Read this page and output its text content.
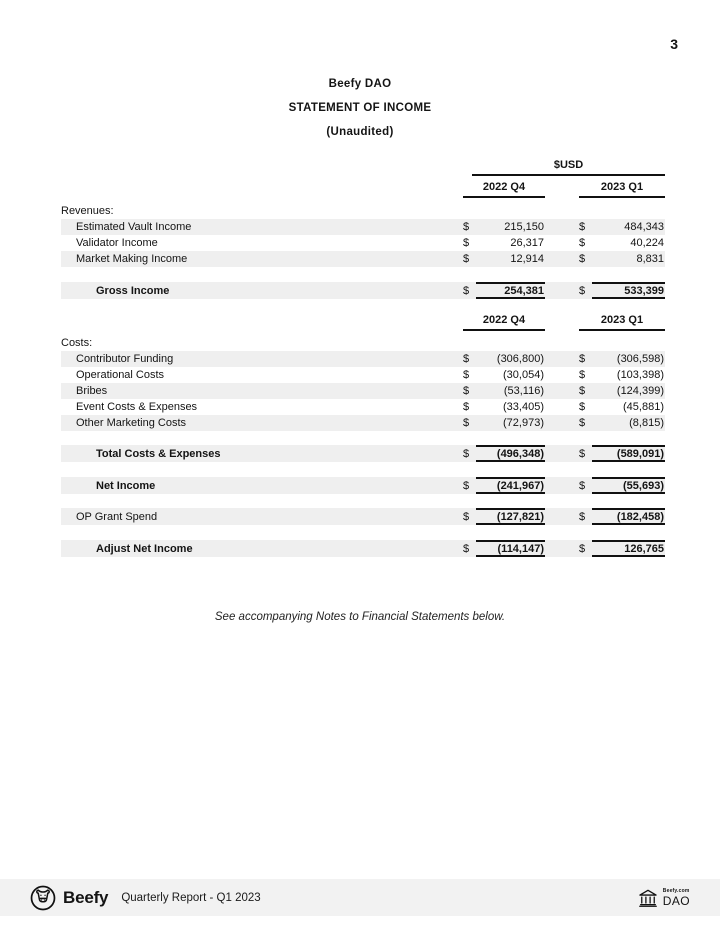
3
Beefy DAO
STATEMENT OF INCOME
(Unaudited)
$USD
2022 Q4	2023 Q1
Revenues:
Estimated Vault Income	$	215,150	$	484,343
Validator Income	$	26,317	$	40,224
Market Making Income	$	12,914	$	8,831
Gross Income	$	254,381	$	533,399
2022 Q4	2023 Q1
Costs:
Contributor Funding	$	(306,800)	$	(306,598)
Operational Costs	$	(30,054)	$	(103,398)
Bribes	$	(53,116)	$	(124,399)
Event Costs & Expenses	$	(33,405)	$	(45,881)
Other Marketing Costs	$	(72,973)	$	(8,815)
Total Costs & Expenses	$	(496,348)	$	(589,091)
Net Income	$	(241,967)	$	(55,693)
OP Grant Spend	$	(127,821)	$	(182,458)
Adjust Net Income	$	(114,147)	$	126,765
See accompanying Notes to Financial Statements below.
Beefy Quarterly Report - Q1 2023
Beefy.com
DAO
